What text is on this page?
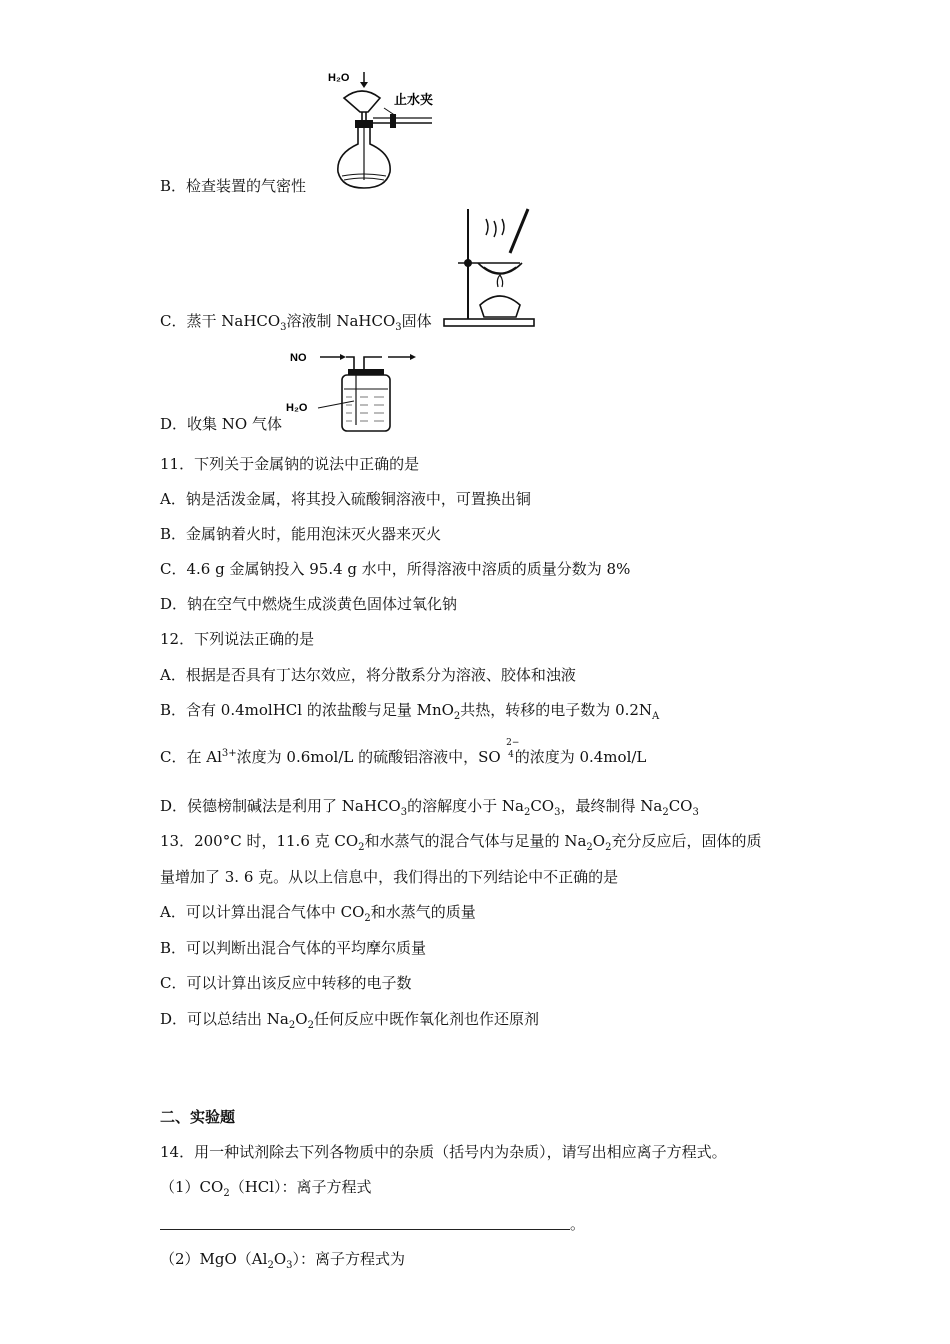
H₂O
止水夹
B．检查装置的气密性
C．蒸干 NaHCO$_3$溶液制 NaHCO$_3$固体
NO
H₂O
D．收集 NO 气体
11．下列关于金属钠的说法中正确的是
A．钠是活泼金属，将其投入硫酸铜溶液中，可置换出铜
B．金属钠着火时，能用泡沫灭火器来灭火
C．4.6 g 金属钠投入 95.4 g 水中，所得溶液中溶质的质量分数为 8%
D．钠在空气中燃烧生成淡黄色固体过氧化钠
12．下列说法正确的是
A．根据是否具有丁达尔效应，将分散系分为溶液、胶体和浊液
B．含有 0.4molHCl 的浓盐酸与足量 MnO$_2$共热，转移的电子数为 $0.2N_A$
C．在 $Al^{3+}$浓度为 0.6mol/L 的硫酸铝溶液中，SO
2−
4 的浓度为 0.4mol/L
D．侯德榜制碱法是利用了 NaHCO$_3$的溶解度小于 $Na_2CO_3$，最终制得 $Na_2CO_3$
13．200°C 时，11.6 克 $CO_2$和水蒸气的混合气体与足量的 $Na_2O_2$充分反应后，固体的质
量增加了 3. 6 克。从以上信息中，我们得出的下列结论中不正确的是
A．可以计算出混合气体中 $CO_2$和水蒸气的质量
B．可以判断出混合气体的平均摩尔质量
C．可以计算出该反应中转移的电子数
D．可以总结出 $Na_2O_2$任何反应中既作氧化剂也作还原剂
二、实验题
14．用一种试剂除去下列各物质中的杂质（括号内为杂质），请写出相应离子方程式。
$(1)CO_2(HCl)$：离子方程式
。
$(2)MgO(Al_2O_3)$：离子方程式为
